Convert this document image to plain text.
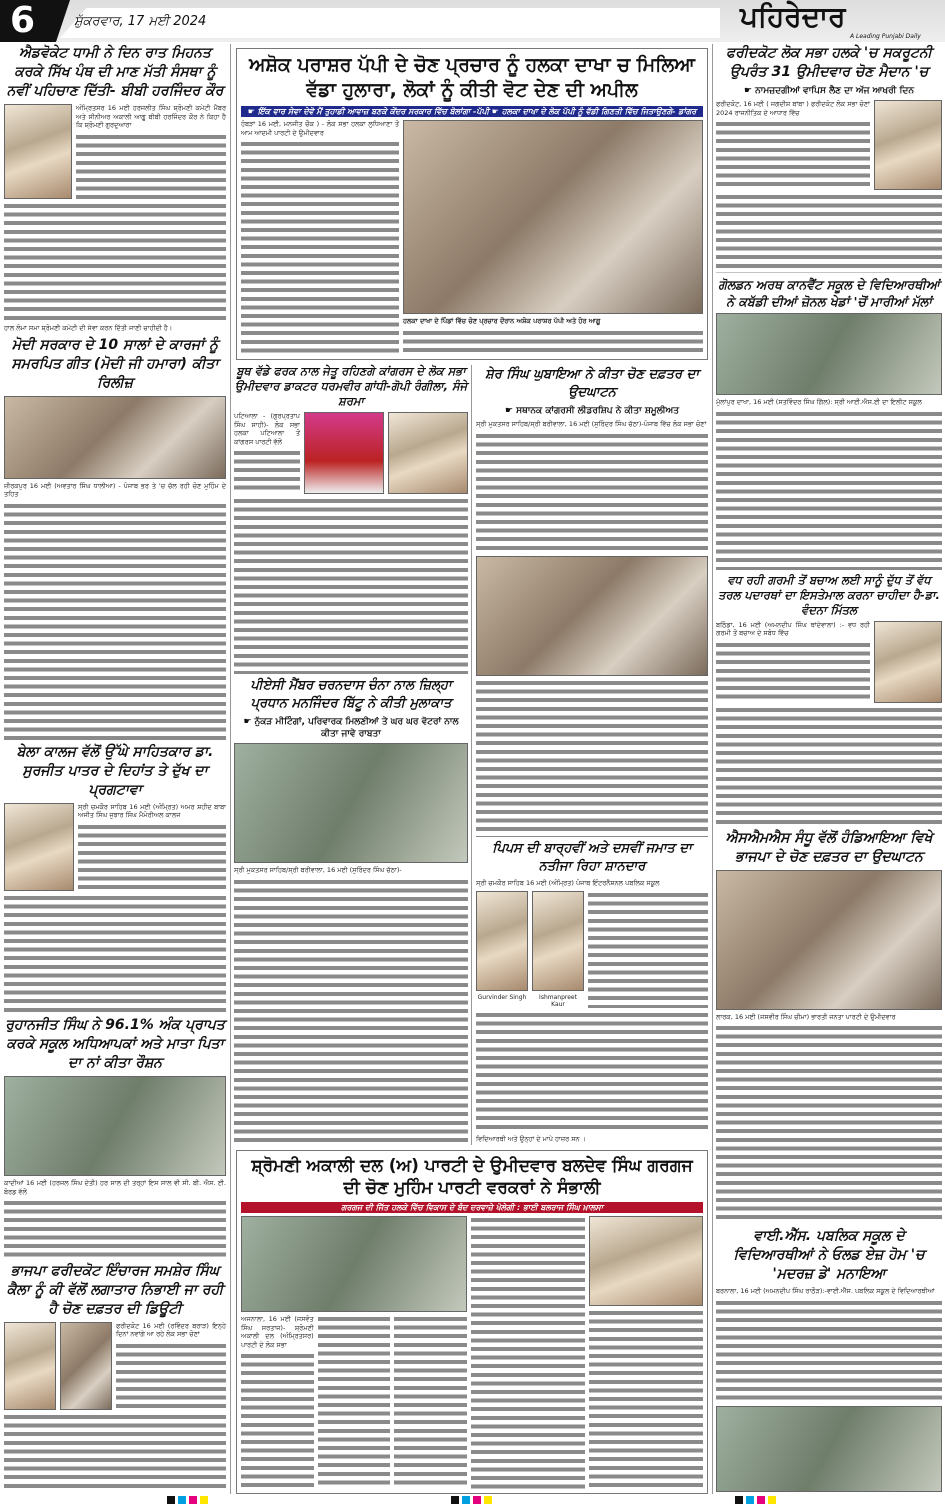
6	ਸ਼ੁੱਕਰਵਾਰ, 17 ਮਈ 2024	ਪਹਿਰੇਦਾਰ
A Leading Punjabi Daily
ਐਡਵੋਕੇਟ ਧਾਮੀ ਨੇ ਦਿਨ ਰਾਤ ਮਿਹਨਤ ਕਰਕੇ ਸਿੱਖ ਪੰਥ ਦੀ ਮਾਣ ਮੱਤੀ ਸੰਸਥਾ ਨੂੰ ਨਵੀਂ ਪਹਿਚਾਣ ਦਿੱਤੀ- ਬੀਬੀ ਹਰਜਿੰਦਰ ਕੌਰ
ਅੰਮ੍ਰਿਤਸਰ 16 ਮਈ ਹਰਜਲੀਤ ਸਿੰਘ ਸ਼੍ਰੋਮਣੀ ਕਮੇਟੀ ਮੈਂਬਰ ਅਤੇ ਸੀਨੀਅਰ ਅਕਾਲੀ ਆਗੂ ਬੀਬੀ ਹਰਜਿੰਦਰ ਕੌਰ ਨੇ ਕਿਹਾ ਹੈ ਕਿ ਸ਼੍ਰੋਮਣੀ ਗੁਰਦੁਆਰਾ
ਹਾਲ ਲੰਮਾ ਸਮਾ ਸ਼੍ਰੋਮਣੀ ਕਮੇਟੀ ਦੀ ਸੇਵਾ ਕਰਨ ਦਿੱਤੀ ਜਾਣੀ ਚਾਹੀਦੀ ਹੈ।
ਮੋਦੀ ਸਰਕਾਰ ਦੇ 10 ਸਾਲਾਂ ਦੇ ਕਾਰਜਾਂ ਨੂੰ ਸਮਰਪਿਤ ਗੀਤ (ਮੋਦੀ ਜੀ ਹਮਾਰਾ) ਕੀਤਾ ਰਿਲੀਜ਼
ਜ਼ੀਰਕਪੁਰ 16 ਮਈ (ਅਵਤਾਰ ਸਿੰਘ ਧਾਲੀਆ) - ਪੰਜਾਬ ਭਰ ਤੇ 'ਚ ਚੱਲ ਰਹੀ ਚੋਣ ਮੁਹਿੰਮ ਦੇ ਤਹਿਤ
ਬੇਲਾ ਕਾਲਜ ਵੱਲੋਂ ਉੱਘੇ ਸਾਹਿਤਕਾਰ ਡਾ. ਸੁਰਜੀਤ ਪਾਤਰ ਦੇ ਦਿਹਾਂਤ ਤੇ ਦੁੱਖ ਦਾ ਪ੍ਰਗਟਾਵਾ
ਸ੍ਰੀ ਚਮਕੌਰ ਸਾਹਿਬ 16 ਮਈ (ਅੰਮ੍ਰਿਤ) ਅਮਰ ਸ਼ਹੀਦ ਬਾਬਾ ਅਜੀਤ ਸਿੰਘ ਜੁਝਾਰ ਸਿੰਘ ਮੈਮੋਰੀਅਲ ਕਾਲਜ
ਰੁਹਾਨਜੀਤ ਸਿੰਘ ਨੇ 96.1% ਅੰਕ ਪ੍ਰਾਪਤ ਕਰਕੇ ਸਕੂਲ ਅਧਿਆਪਕਾਂ ਅਤੇ ਮਾਤਾ ਪਿਤਾ ਦਾ ਨਾਂ ਕੀਤਾ ਰੌਸ਼ਨ
ਕਾਦੀਆਂ 16 ਮਈ (ਹਰਜਲ ਸਿੰਘ ਦੇਤੀ) ਹਰ ਸਾਲ ਦੀ ਤਰ੍ਹਾਂ ਇਸ ਸਾਲ ਵੀ ਸੀ. ਬੀ. ਐਸ. ਈ. ਬੋਰਡ ਵੱਲੋਂ
ਭਾਜਪਾ ਫਰੀਦਕੋਟ ਇੰਚਾਰਜ ਸਮਸ਼ੇਰ ਸਿੰਘ ਕੈਲਾ ਨੂੰ ਕੀ ਵੱਲੋਂ ਲਗਾਤਾਰ ਨਿਭਾਈ ਜਾ ਰਹੀ ਹੈ ਚੋਣ ਦਫ਼ਤਰ ਦੀ ਡਿਊਟੀ
ਫਰੀਦਕੋਟ 16 ਮਈ (ਰਵਿੰਦਰ ਬਰਾੜ) ਇਨ੍ਹੇ ਦਿਨਾਂ ਨਵਾਂਗੇ ਆ ਰਹੇ ਲੋਕ ਸਭਾ ਚੋਣਾਂ
ਅਸ਼ੋਕ ਪਰਾਸ਼ਰ ਪੱਪੀ ਦੇ ਚੋਣ ਪ੍ਰਚਾਰ ਨੂੰ ਹਲਕਾ ਦਾਖਾ ਚ ਮਿਲਿਆ ਵੱਡਾ ਹੁਲਾਰਾ, ਲੋਕਾਂ ਨੂੰ ਕੀਤੀ ਵੋਟ ਦੇਣ ਦੀ ਅਪੀਲ
☛ ਇੱਕ ਵਾਰ ਸੇਵਾ ਦੇਵੋ ਮੈਂ ਤੁਹਾਡੀ ਆਵਾਜ਼ ਬਣਕੇ ਕੇਂਦਰ ਸਰਕਾਰ ਵਿੱਚ ਬੋਲਾਂਗਾ -ਪੱਪੀ ☛ ਹਲਕਾ ਦਾਖਾ ਦੇ ਲੋਕ ਪੱਪੀ ਨੂੰ ਵੱਡੀ ਗਿਣਤੀ ਵਿੱਚ ਜਿਤਾਉਣਗੇ- ਡਾਂਗਰ
ਹੰਬੜਾਂ 16 ਮਈ, ਮਨਜੀਤ ਚੌਕ ) - ਲੋਕ ਸਭਾ ਹਲਕਾ ਲੁਧਿਆਣਾ ਤੋਂ ਆਮ ਆਦਮੀ ਪਾਰਟੀ ਦੇ ਉਮੀਦਵਾਰ
ਹਲਕਾ ਦਾਖਾ ਦੇ ਪਿੰਡਾਂ ਵਿੱਚ ਚੋਣ ਪ੍ਰਚਾਰ ਦੌਰਾਨ ਅਸ਼ੋਕ ਪਰਾਸ਼ਰ ਪੱਪੀ ਅਤੇ ਹੋਰ ਆਗੂ
ਬੂਥ ਵੱਡੇ ਫਰਕ ਨਾਲ ਜੇਤੂ ਰਹਿਣਗੇ ਕਾਂਗਰਸ ਦੇ ਲੋਕ ਸਭਾ ਉਮੀਦਵਾਰ ਡਾਕਟਰ ਧਰਮਵੀਰ ਗਾਂਧੀ-ਗੋਪੀ ਰੰਗੀਲਾ, ਸੰਜੇ ਸ਼ਰਮਾ
ਪਟਿਆਲਾ - (ਗੁਰਪ੍ਰਤਾਪ ਸਿੰਘ ਸਾਹੀ)- ਲੋਕ ਸਭਾ ਹਲਕਾ ਪਟਿਆਲਾ ਤੋਂ ਕਾਂਗਰਸ ਪਾਰਟੀ ਵੱਲੋਂ
ਪੀਏਸੀ ਮੈਂਬਰ ਚਰਨਦਾਸ ਚੰਨਾ ਨਾਲ ਜ਼ਿਲ੍ਹਾ ਪ੍ਰਧਾਨ ਮਨਜਿੰਦਰ ਬਿੱਟੂ ਨੇ ਕੀਤੀ ਮੁਲਾਕਾਤ
☛ ਨੁੱਕੜ ਮੀਟਿੰਗਾਂ, ਪਰਿਵਾਰਕ ਮਿਲਣੀਆਂ ਤੇ ਘਰ ਘਰ ਵੋਟਰਾਂ ਨਾਲ ਕੀਤਾ ਜਾਵੇ ਰਾਬਤਾ
ਸ੍ਰੀ ਮੁਕਤਸਰ ਸਾਹਿਬ/ਸ੍ਰੀ ਬਰੀਵਾਲਾ, 16 ਮਈ (ਸੁਰਿੰਦਰ ਸਿੰਘ ਚੱਠਾ)-
ਸ਼ੇਰ ਸਿੰਘ ਘੁਬਾਇਆ ਨੇ ਕੀਤਾ ਚੋਣ ਦਫ਼ਤਰ ਦਾ ਉਦਘਾਟਨ
☛ ਸਥਾਨਕ ਕਾਂਗਰਸੀ ਲੀਡਰਸ਼ਿਪ ਨੇ ਕੀਤਾ ਸ਼ਮੂਲੀਅਤ
ਸ੍ਰੀ ਮੁਕਤਸਰ ਸਾਹਿਬ/ਸ੍ਰੀ ਬਰੀਵਾਲਾ, 16 ਮਈ (ਸੁਰਿੰਦਰ ਸਿੰਘ ਚੱਠਾ)-ਪੰਜਾਬ ਵਿੱਚ ਲੋਕ ਸਭਾ ਚੋਣਾਂ
ਪਿਪਸ ਦੀ ਬਾਰ੍ਹਵੀਂ ਅਤੇ ਦਸਵੀਂ ਜਮਾਤ ਦਾ ਨਤੀਜਾ ਰਿਹਾ ਸ਼ਾਨਦਾਰ
ਸ੍ਰੀ ਚਮਕੌਰ ਸਾਹਿਬ 16 ਮਈ (ਅੰਮ੍ਰਿਤ) ਪੰਜਾਬ ਇੰਟਰਨੈਸ਼ਨਲ ਪਬਲਿਕ ਸਕੂਲ
Gurvinder Singh	Ishmanpreet Kaur
ਵਿਦਿਆਰਥੀ ਅਤੇ ਉਨ੍ਹਾਂ ਦੇ ਮਾਪੇ ਹਾਜ਼ਰ ਸਨ ।
ਸ਼੍ਰੋਮਣੀ ਅਕਾਲੀ ਦਲ (ਅ) ਪਾਰਟੀ ਦੇ ਉਮੀਦਵਾਰ ਬਲਦੇਵ ਸਿੰਘ ਗਰਗਜ ਦੀ ਚੋਣ ਮੁਹਿੰਮ ਪਾਰਟੀ ਵਰਕਰਾਂ ਨੇ ਸੰਭਾਲੀ
ਗਰਗਜ ਦੀ ਜਿੱਤ ਹਲਕੇ ਵਿੱਚ ਵਿਕਾਸ ਦੇ ਬੰਦ ਦਰਵਾਜ਼ੇ ਖੋਲੇਗੀ : ਭਾਈ ਬਲਰਾਜ ਸਿੰਘ ਖ਼ਾਲਸਾ
ਅਜਨਾਲਾ, 16 ਮਈ (ਜਸਵੰਤ ਸਿੰਘ ਸਰਤਾਜ)- ਸ਼੍ਰੋਮਣੀ ਅਕਾਲੀ ਦਲ (ਅੰਮ੍ਰਿਤਸਰ) ਪਾਰਟੀ ਦੇ ਲੋਕ ਸਭਾ
ਫਰੀਦਕੋਟ ਲੋਕ ਸਭਾ ਹਲਕੇ 'ਚ ਸਕਰੂਟਨੀ ਉਪਰੰਤ 31 ਉਮੀਦਵਾਰ ਚੋਣ ਮੈਦਾਨ 'ਚ
☛ ਨਾਮਜ਼ਦਗੀਆਂ ਵਾਪਿਸ ਲੈਣ ਦਾ ਅੱਜ ਆਖਰੀ ਦਿਨ
ਫਰੀਦਕੋਟ, 16 ਮਈ ( ਜਗਦੀਸ਼ ਬਾਂਬਾ ) ਫਰੀਦਕੋਟ ਲੋਕ ਸਭਾ ਚੋਣਾਂ 2024 ਰਾਜਨੀਤਿਕ ਦੇ ਆਧਾਰ ਵਿੱਚ
ਗੋਲਡਨ ਅਰਥ ਕਾਨਵੈਂਟ ਸਕੂਲ ਦੇ ਵਿਦਿਆਰਥੀਆਂ ਨੇ ਕਬੱਡੀ ਦੀਆਂ ਜ਼ੋਨਲ ਖੇਡਾਂ 'ਚੋਂ ਮਾਰੀਆਂ ਮੱਲਾਂ
ਮੁੱਲਾਂਪੁਰ ਦਾਖਾ, 16 ਮਈ (ਸਤਵਿੰਦਰ ਸਿੰਘ ਗਿੱਲ): ਸ੍ਰੀ ਆਈ.ਐਸ.ਈ ਦਾ ਇਲੀਟ ਸਕੂਲ
ਵਧ ਰਹੀ ਗਰਮੀ ਤੋਂ ਬਚਾਅ ਲਈ ਸਾਨੂੰ ਦੁੱਧ ਤੋਂ ਵੱਧ ਤਰਲ ਪਦਾਰਥਾਂ ਦਾ ਇਸਤੇਮਾਲ ਕਰਨਾ ਚਾਹੀਦਾ ਹੈ-ਡਾ. ਵੰਦਨਾ ਮਿੱਤਲ
ਬਠਿੰਡਾ, 16 ਮਈ (ਅਮਨਦੀਪ ਸਿੰਘ ਥਾਂਦੇਵਾਲਾ) :- ਵਧ ਰਹੀ ਗਰਮੀ ਤੋਂ ਬਚਾਅ ਦੇ ਸਬੰਧ ਵਿੱਚ
ਐਸਐਮਐਸ ਸੰਧੂ ਵੱਲੋਂ ਹੰਡਿਆਇਆ ਵਿਖੇ ਭਾਜਪਾ ਦੇ ਚੋਣ ਦਫ਼ਤਰ ਦਾ ਉਦਘਾਟਨ
ਲਾਰਕ, 16 ਮਈ (ਜਸਵੀਰ ਸਿੰਘ ਚੀਮਾ) ਭਾਰਤੀ ਜਨਤਾ ਪਾਰਟੀ ਦੇ ਉਮੀਦਵਾਰ
ਵਾਈ.ਐੱਸ. ਪਬਲਿਕ ਸਕੂਲ ਦੇ ਵਿਦਿਆਰਥੀਆਂ ਨੇ ਓਲਡ ਏਜ਼ ਹੋਮ 'ਚ 'ਮਦਰਜ਼ ਡੇ' ਮਨਾਇਆ
ਬਰਨਾਲਾ, 16 ਮਈ (ਅਮਨਦੀਪ ਸਿੰਘ ਰਾਠੌੜ):-ਵਾਈ.ਐੱਸ. ਪਬਲਿਕ ਸਕੂਲ ਦੇ ਵਿਦਿਆਰਥੀਆਂ
